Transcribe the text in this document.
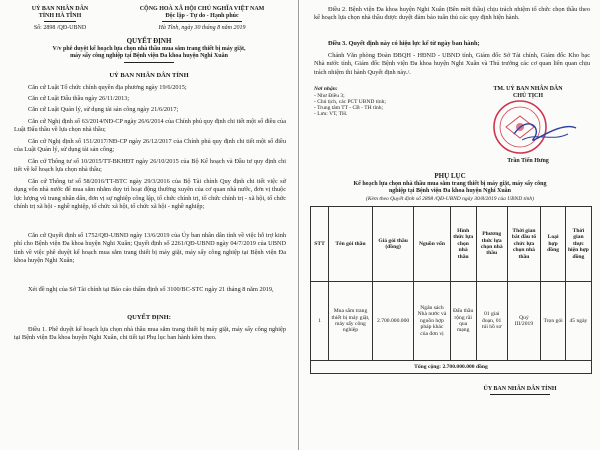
UỶ BAN NHÂN DÂN
TỈNH HÀ TĨNH
Số: 2898 /QĐ-UBND
CỘNG HOÀ XÃ HỘI CHỦ NGHĨA VIỆT NAM
Độc lập - Tự do - Hạnh phúc
Hà Tĩnh, ngày 30 tháng 8 năm 2019
QUYẾT ĐỊNH
V/v phê duyệt kế hoạch lựa chọn nhà thầu mua sắm trang thiết bị máy giặt,
máy sấy công nghiệp tại Bệnh viện Đa khoa huyện Nghi Xuân
UỶ BAN NHÂN DÂN TỈNH
Căn cứ Luật Tổ chức chính quyền địa phương ngày 19/6/2015;
Căn cứ Luật Đấu thầu ngày 26/11/2013;
Căn cứ Luật Quản lý, sử dụng tài sản công ngày 21/6/2017;
Căn cứ Nghị định số 63/2014/NĐ-CP ngày 26/6/2014 của Chính phủ quy định chi tiết một số điều của Luật Đấu thầu về lựa chọn nhà thầu;
Căn cứ Nghị định số 151/2017/NĐ-CP ngày 26/12/2017 của Chính phủ quy định chi tiết một số điều của Luật Quản lý, sử dụng tài sản công;
Căn cứ Thông tư số 10/2015/TT-BKHĐT ngày 26/10/2015 của Bộ Kế hoạch và Đầu tư quy định chi tiết về kế hoạch lựa chọn nhà thầu;
Căn cứ Thông tư số 58/2016/TT-BTC ngày 29/3/2016 của Bộ Tài chính Quy định chi tiết việc sử dụng vốn nhà nước để mua sắm nhằm duy trì hoạt động thường xuyên của cơ quan nhà nước, đơn vị thuộc lực lượng vũ trang nhân dân, đơn vị sự nghiệp công lập, tổ chức chính trị, tổ chức chính trị - xã hội, tổ chức chính trị xã hội - nghề nghiệp, tổ chức xã hội, tổ chức xã hội - nghề nghiệp;
Căn cứ Quyết định số 1752/QĐ-UBND ngày 13/6/2019 của Ủy ban nhân dân tỉnh về việc hỗ trợ kinh phí cho Bệnh viện Đa khoa huyện Nghi Xuân; Quyết định số 2261/QĐ-UBND ngày 04/7/2019 của UBND tỉnh về việc phê duyệt kế hoạch mua sắm trang thiết bị máy giặt, máy sấy công nghiệp tại Bệnh viện Đa khoa huyện Nghi Xuân;
Xét đề nghị của Sở Tài chính tại Báo cáo thẩm định số 3100/BC-STC ngày 21 tháng 8 năm 2019,
QUYẾT ĐỊNH:
Điều 1. Phê duyệt kế hoạch lựa chọn nhà thầu mua sắm trang thiết bị máy giặt, máy sấy công nghiệp tại Bệnh viện Đa khoa huyện Nghi Xuân, chi tiết tại Phụ lục ban hành kèm theo.
Điều 2. Bệnh viện Đa khoa huyện Nghi Xuân (Bên mời thầu) chịu trách nhiệm tổ chức chọn thầu theo kế hoạch lựa chọn nhà thầu được duyệt đảm bảo tuân thủ các quy định hiện hành.
Điều 3. Quyết định này có hiệu lực kể từ ngày ban hành;
Chánh Văn phòng Đoàn ĐBQH - HĐND - UBND tỉnh, Giám đốc Sở Tài chính, Giám đốc Kho bạc Nhà nước tỉnh, Giám đốc Bệnh viện Đa khoa huyện Nghi Xuân và Thủ trưởng các cơ quan liên quan chịu trách nhiệm thi hành Quyết định này./.
Nơi nhận:
- Như Điều 3;
- Chủ tịch, các PCT UBND tỉnh;
- Trung tâm TT - CB - TH tỉnh;
- Lưu: VT, TH.
TM. UỶ BAN NHÂN DÂN
CHỦ TỊCH
Trần Tiến Hưng
PHỤ LỤC
Kế hoạch lựa chọn nhà thầu mua sắm trang thiết bị máy giặt, máy sấy công
nghiệp tại Bệnh viện Đa khoa huyện Nghi Xuân
(Kèm theo Quyết định số 2898 /QĐ-UBND ngày 30/8/2019 của UBND tỉnh)
STT	Tên gói thầu	Giá gói thầu (đồng)	Nguồn vốn	Hình thức lựa chọn nhà thầu	Phương thức lựa chọn nhà thầu	Thời gian bắt đầu tổ chức lựa chọn nhà thầu	Loại hợp đồng	Thời gian thực hiện hợp đồng
1	Mua sắm trang thiết bị máy giặt, máy sấy công nghiệp	2.700.000.000	Ngân sách Nhà nước và nguồn hợp pháp khác của đơn vị	Đấu thầu rộng rãi qua mạng	01 giai đoạn, 01 túi hồ sơ	Quý III/2019	Trọn gói	45 ngày
Tổng cộng: 2.700.000.000 đồng								
ỦY BAN NHÂN DÂN TỈNH
